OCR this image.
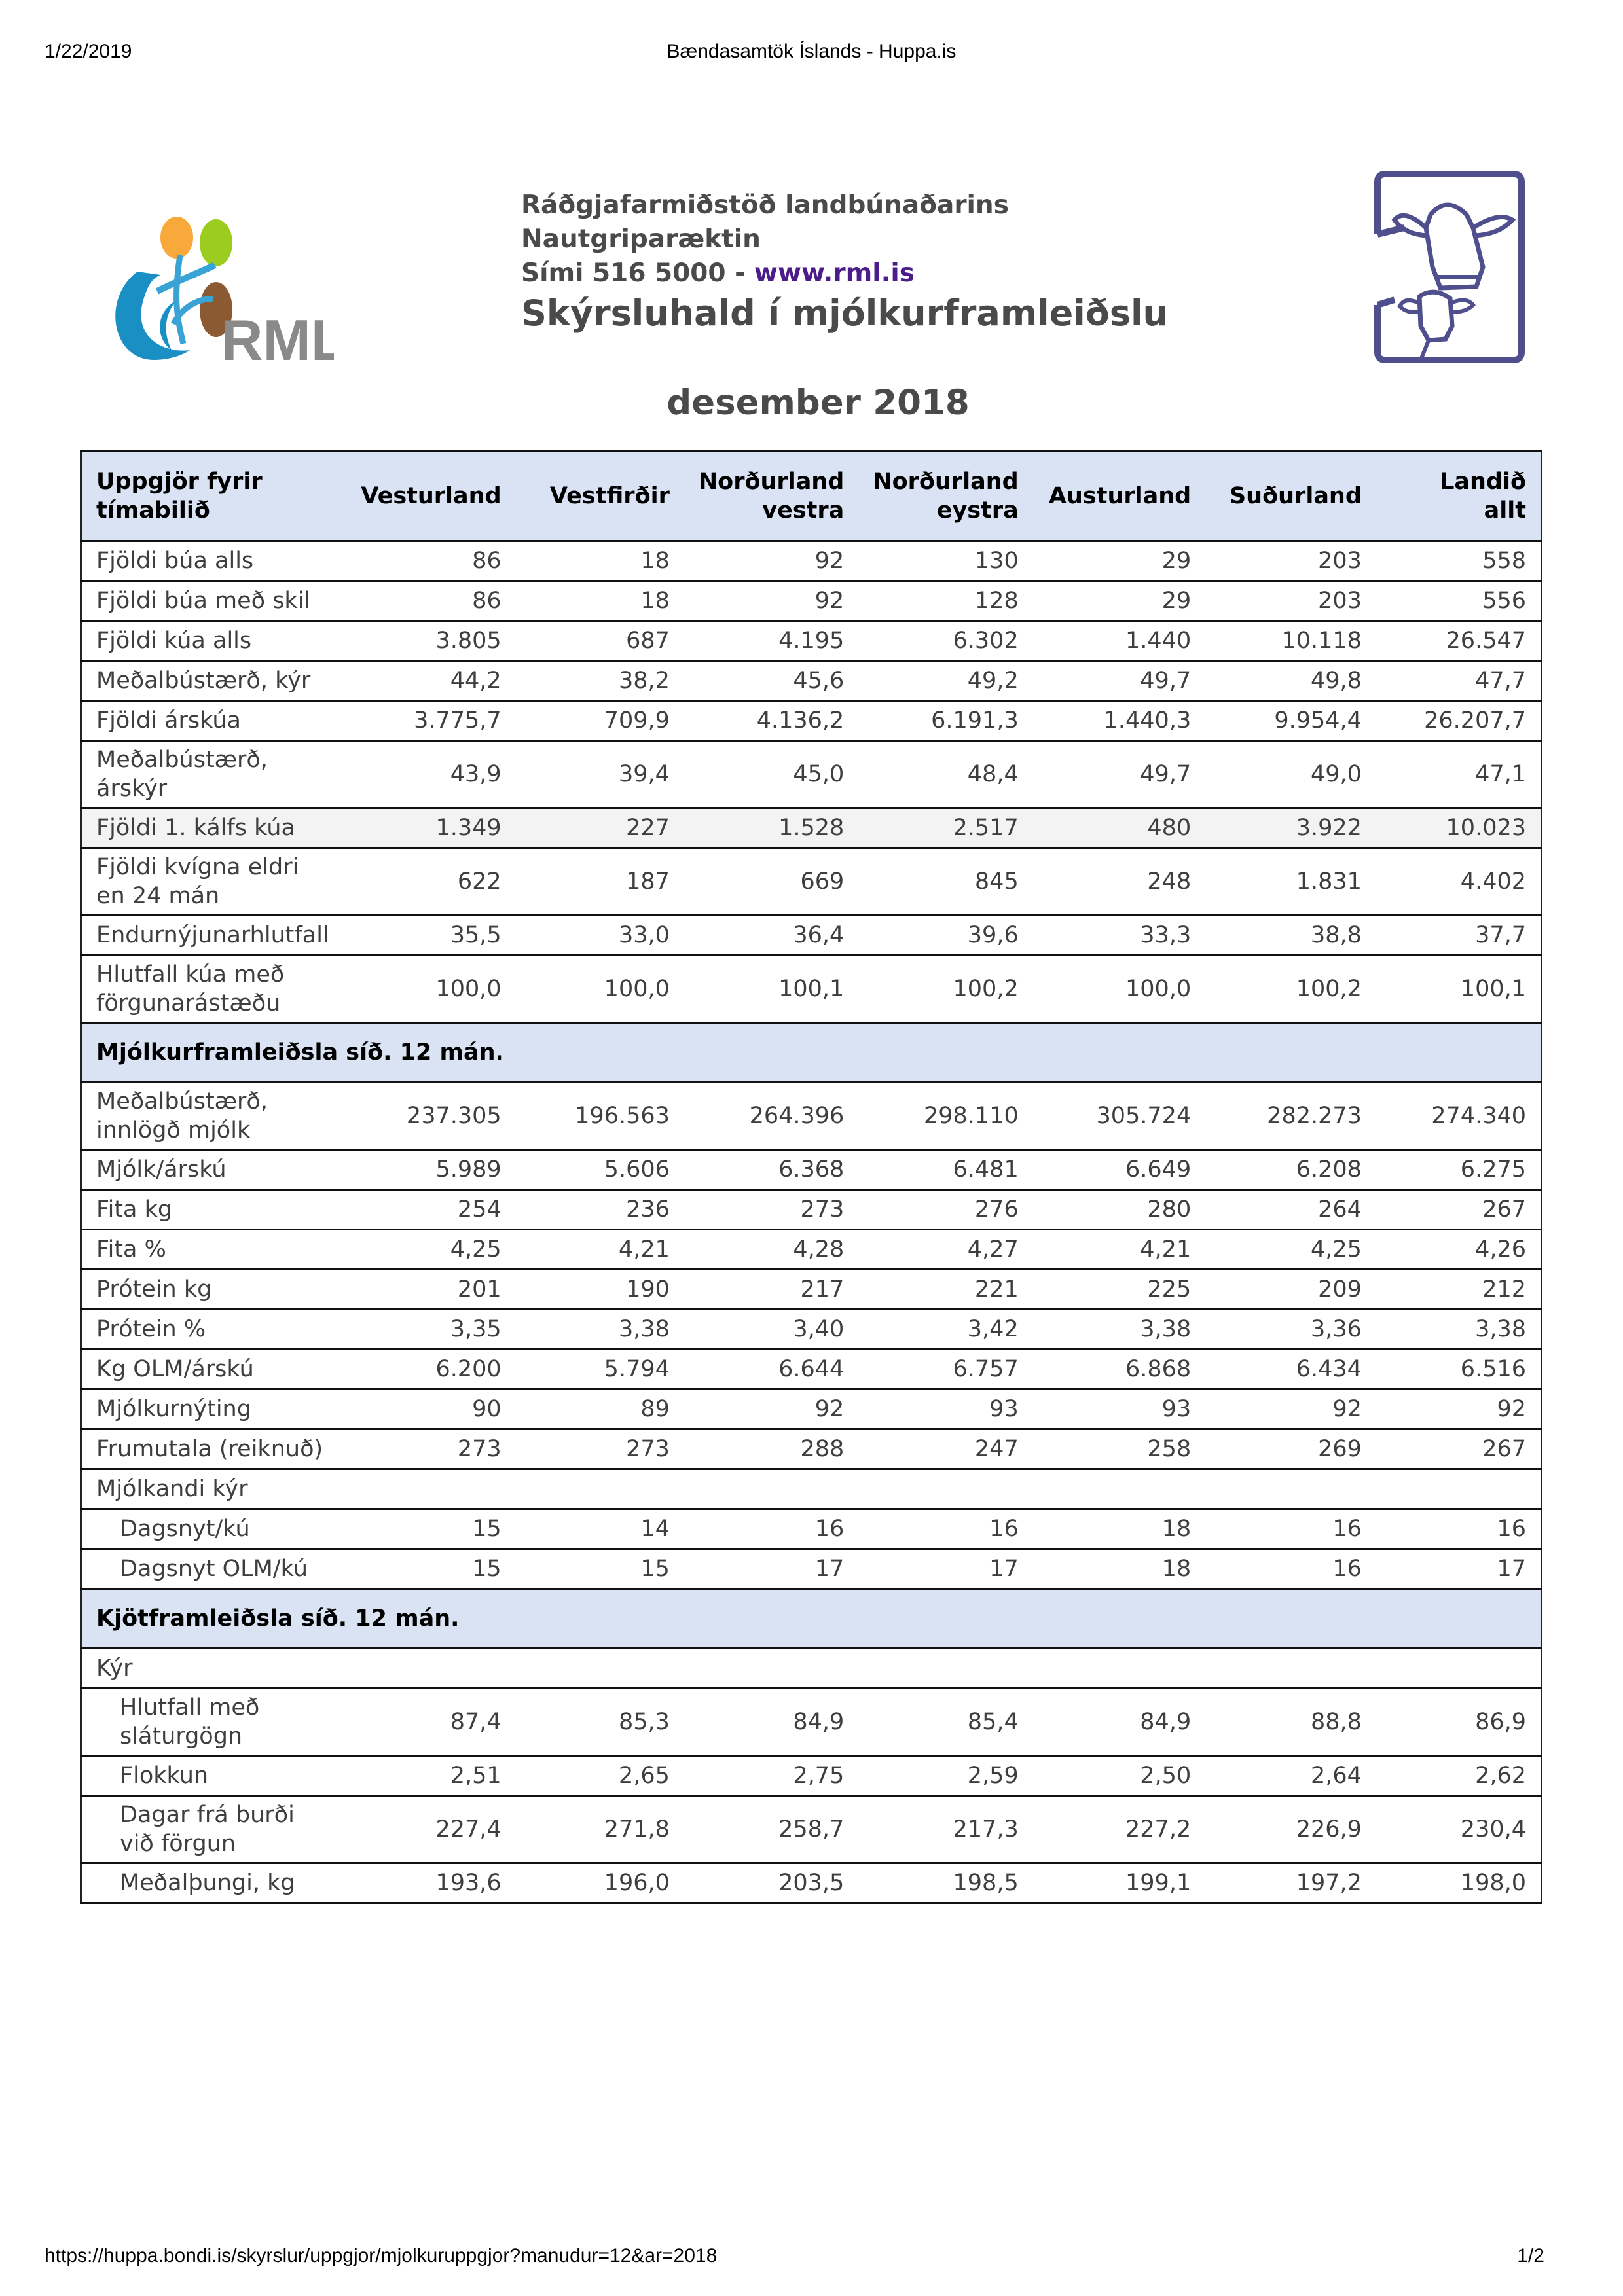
1/22/2019	Bændasamtök Íslands - Huppa.is
RML
Ráðgjafarmiðstöð landbúnaðarins
Nautgriparæktin
Sími 516 5000 - www.rml.is
Skýrsluhald í mjólkurframleiðslu
desember 2018
Uppgjör fyrir tímabilið	Vesturland	Vestfirðir	Norðurland vestra	Norðurland eystra	Austurland	Suðurland	Landið allt
Fjöldi búa alls	86	18	92	130	29	203	558
Fjöldi búa með skil	86	18	92	128	29	203	556
Fjöldi kúa alls	3.805	687	4.195	6.302	1.440	10.118	26.547
Meðalbústærð, kýr	44,2	38,2	45,6	49,2	49,7	49,8	47,7
Fjöldi árskúa	3.775,7	709,9	4.136,2	6.191,3	1.440,3	9.954,4	26.207,7
Meðalbústærð, árskýr	43,9	39,4	45,0	48,4	49,7	49,0	47,1
Fjöldi 1. kálfs kúa	1.349	227	1.528	2.517	480	3.922	10.023
Fjöldi kvígna eldri en 24 mán	622	187	669	845	248	1.831	4.402
Endurnýjunarhlutfall	35,5	33,0	36,4	39,6	33,3	38,8	37,7
Hlutfall kúa með förgunarástæðu	100,0	100,0	100,1	100,2	100,0	100,2	100,1
Mjólkurframleiðsla síð. 12 mán.							
Meðalbústærð, innlögð mjólk	237.305	196.563	264.396	298.110	305.724	282.273	274.340
Mjólk/árskú	5.989	5.606	6.368	6.481	6.649	6.208	6.275
Fita kg	254	236	273	276	280	264	267
Fita %	4,25	4,21	4,28	4,27	4,21	4,25	4,26
Prótein kg	201	190	217	221	225	209	212
Prótein %	3,35	3,38	3,40	3,42	3,38	3,36	3,38
Kg OLM/árskú	6.200	5.794	6.644	6.757	6.868	6.434	6.516
Mjólkurnýting	90	89	92	93	93	92	92
Frumutala (reiknuð)	273	273	288	247	258	269	267
Mjólkandi kýr							
Dagsnyt/kú	15	14	16	16	18	16	16
Dagsnyt OLM/kú	15	15	17	17	18	16	17
Kjötframleiðsla síð. 12 mán.							
Kýr							
Hlutfall með sláturgögn	87,4	85,3	84,9	85,4	84,9	88,8	86,9
Flokkun	2,51	2,65	2,75	2,59	2,50	2,64	2,62
Dagar frá burði við förgun	227,4	271,8	258,7	217,3	227,2	226,9	230,4
Meðalþungi, kg	193,6	196,0	203,5	198,5	199,1	197,2	198,0
https://huppa.bondi.is/skyrslur/uppgjor/mjolkuruppgjor?manudur=12&ar=2018	1/2
